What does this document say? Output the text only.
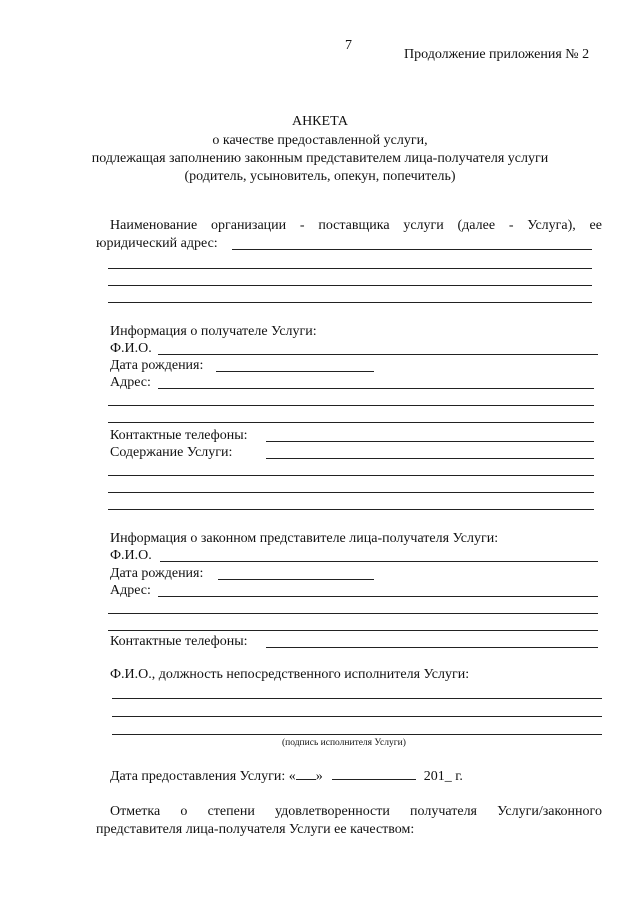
7
Продолжение приложения № 2
АНКЕТА
о качестве предоставленной услуги,
подлежащая заполнению законным представителем лица-получателя услуги
(родитель, усыновитель, опекун, попечитель)
Наименование организации - поставщика услуги (далее - Услуга), ее
юридический адрес:
Информация о получателе Услуги:
Ф.И.О.
Дата рождения:
Адрес:
Контактные телефоны:
Содержание Услуги:
Информация о законном представителе лица-получателя Услуги:
Ф.И.О.
Дата рождения:
Адрес:
Контактные телефоны:
Ф.И.О., должность непосредственного исполнителя Услуги:
(подпись исполнителя Услуги)
Дата предоставления Услуги: « »	201_ г.
Отметка о степени удовлетворенности получателя Услуги/законного
представителя лица-получателя Услуги ее качеством:
